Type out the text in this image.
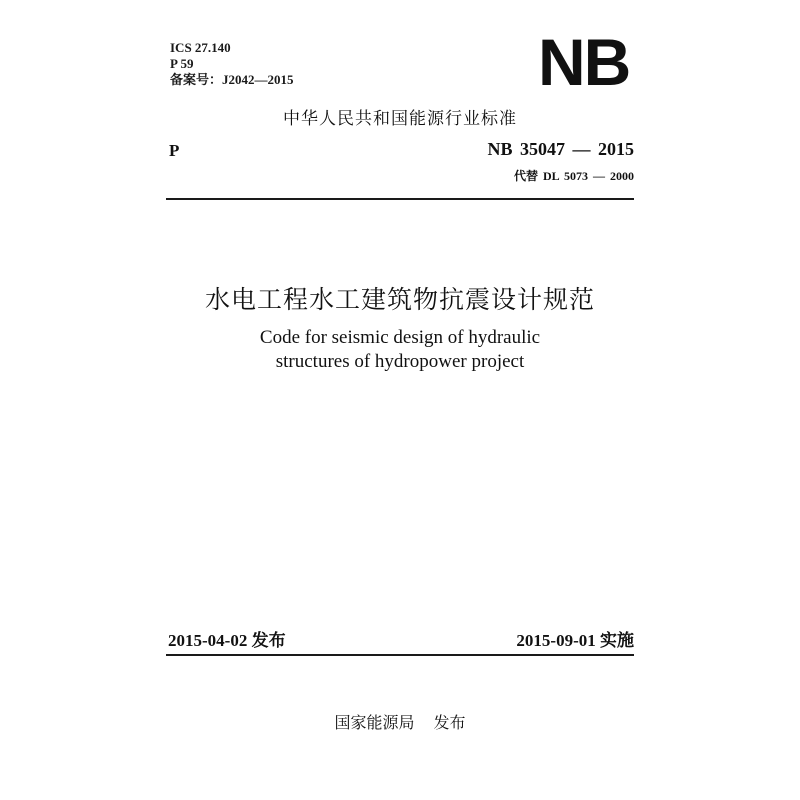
ICS 27.140
P 59
备案号：J2042—2015	NB
中华人民共和国能源行业标准
P	NB 35047 — 2015
代替 DL 5073 — 2000
水电工程水工建筑物抗震设计规范
Code for seismic design of hydraulic
structures of hydropower project
2015-04-02 发布	2015-09-01 实施
国家能源局 发布
